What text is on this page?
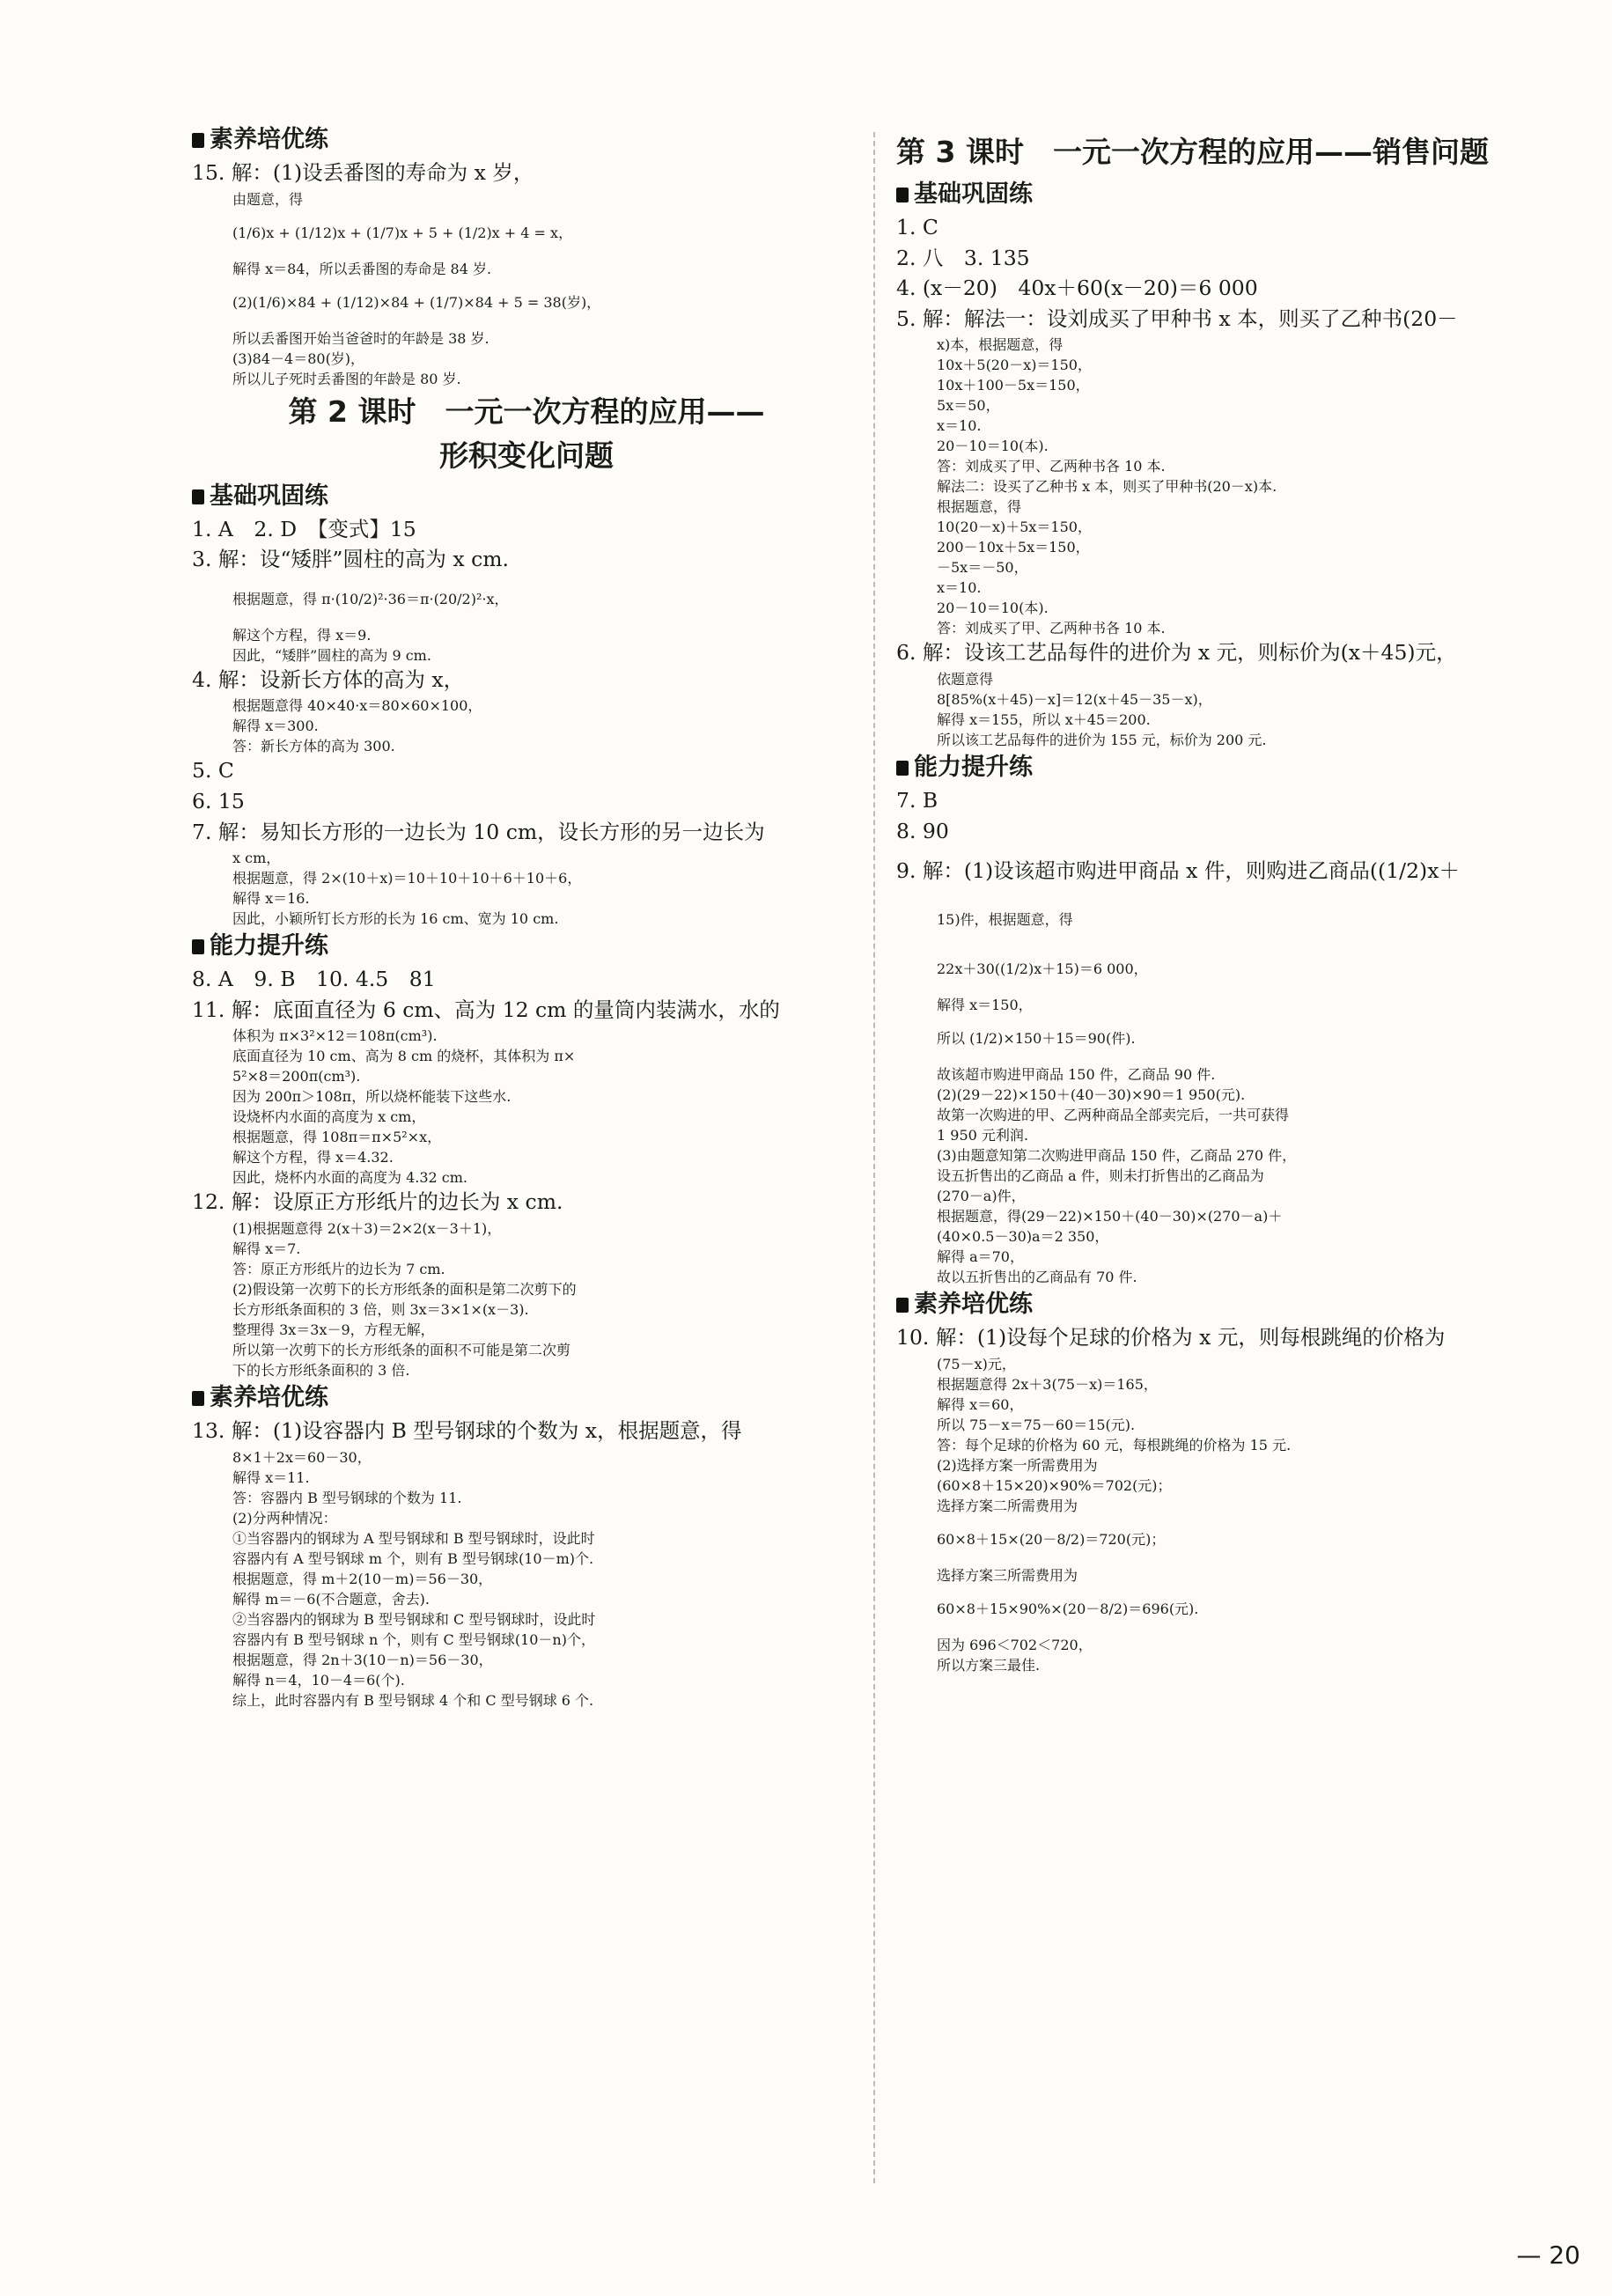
素养培优练
15. 解：(1)设丢番图的寿命为 x 岁，
由题意，得
(1/6)x + (1/12)x + (1/7)x + 5 + (1/2)x + 4 = x，
解得 x＝84，所以丢番图的寿命是 84 岁.
(2)(1/6)×84 + (1/12)×84 + (1/7)×84 + 5 = 38(岁)，
所以丢番图开始当爸爸时的年龄是 38 岁.
(3)84－4＝80(岁)，
所以儿子死时丢番图的年龄是 80 岁.
第 2 课时　一元一次方程的应用——
形积变化问题
基础巩固练
1. A　2. D　【变式】15
3. 解：设“矮胖”圆柱的高为 x cm.
根据题意，得 π·(10/2)²·36＝π·(20/2)²·x，
解这个方程，得 x＝9.
因此，“矮胖”圆柱的高为 9 cm.
4. 解：设新长方体的高为 x，
根据题意得 40×40·x＝80×60×100，
解得 x＝300.
答：新长方体的高为 300.
5. C
6. 15
7. 解：易知长方形的一边长为 10 cm，设长方形的另一边长为
x cm，
根据题意，得 2×(10＋x)＝10＋10＋10＋6＋10＋6，
解得 x＝16.
因此，小颖所钉长方形的长为 16 cm、宽为 10 cm.
能力提升练
8. A　9. B　10. 4.5　81
11. 解：底面直径为 6 cm、高为 12 cm 的量筒内装满水，水的
体积为 π×3²×12＝108π(cm³).
底面直径为 10 cm、高为 8 cm 的烧杯，其体积为 π×
5²×8＝200π(cm³).
因为 200π＞108π，所以烧杯能装下这些水.
设烧杯内水面的高度为 x cm，
根据题意，得 108π＝π×5²×x，
解这个方程，得 x＝4.32.
因此，烧杯内水面的高度为 4.32 cm.
12. 解：设原正方形纸片的边长为 x cm.
(1)根据题意得 2(x＋3)＝2×2(x－3＋1)，
解得 x＝7.
答：原正方形纸片的边长为 7 cm.
(2)假设第一次剪下的长方形纸条的面积是第二次剪下的
长方形纸条面积的 3 倍，则 3x＝3×1×(x－3).
整理得 3x＝3x－9，方程无解，
所以第一次剪下的长方形纸条的面积不可能是第二次剪
下的长方形纸条面积的 3 倍.
素养培优练
13. 解：(1)设容器内 B 型号钢球的个数为 x，根据题意，得
8×1＋2x＝60－30，
解得 x＝11.
答：容器内 B 型号钢球的个数为 11.
(2)分两种情况：
①当容器内的钢球为 A 型号钢球和 B 型号钢球时，设此时
容器内有 A 型号钢球 m 个，则有 B 型号钢球(10－m)个.
根据题意，得 m＋2(10－m)＝56－30，
解得 m＝－6(不合题意，舍去).
②当容器内的钢球为 B 型号钢球和 C 型号钢球时，设此时
容器内有 B 型号钢球 n 个，则有 C 型号钢球(10－n)个，
根据题意，得 2n＋3(10－n)＝56－30，
解得 n＝4，10－4＝6(个).
综上，此时容器内有 B 型号钢球 4 个和 C 型号钢球 6 个.
第 3 课时　一元一次方程的应用——销售问题
基础巩固练
1. C
2. 八　3. 135
4. (x－20)　40x＋60(x－20)＝6 000
5. 解：解法一：设刘成买了甲种书 x 本，则买了乙种书(20－
x)本，根据题意，得
10x＋5(20－x)＝150，
10x＋100－5x＝150，
5x＝50，
x＝10.
20－10＝10(本).
答：刘成买了甲、乙两种书各 10 本.
解法二：设买了乙种书 x 本，则买了甲种书(20－x)本.
根据题意，得
10(20－x)＋5x＝150，
200－10x＋5x＝150，
－5x＝－50，
x＝10.
20－10＝10(本).
答：刘成买了甲、乙两种书各 10 本.
6. 解：设该工艺品每件的进价为 x 元，则标价为(x＋45)元，
依题意得
8[85%(x＋45)－x]＝12(x＋45－35－x)，
解得 x＝155，所以 x＋45＝200.
所以该工艺品每件的进价为 155 元，标价为 200 元.
能力提升练
7. B
8. 90
9. 解：(1)设该超市购进甲商品 x 件，则购进乙商品((1/2)x＋
15)件，根据题意，得
22x＋30((1/2)x＋15)＝6 000，
解得 x＝150，
所以 (1/2)×150＋15＝90(件).
故该超市购进甲商品 150 件，乙商品 90 件.
(2)(29－22)×150＋(40－30)×90＝1 950(元).
故第一次购进的甲、乙两种商品全部卖完后，一共可获得
1 950 元利润.
(3)由题意知第二次购进甲商品 150 件，乙商品 270 件，
设五折售出的乙商品 a 件，则未打折售出的乙商品为
(270－a)件，
根据题意，得(29－22)×150＋(40－30)×(270－a)＋
(40×0.5－30)a＝2 350，
解得 a＝70，
故以五折售出的乙商品有 70 件.
素养培优练
10. 解：(1)设每个足球的价格为 x 元，则每根跳绳的价格为
(75－x)元，
根据题意得 2x＋3(75－x)＝165，
解得 x＝60，
所以 75－x＝75－60＝15(元).
答：每个足球的价格为 60 元，每根跳绳的价格为 15 元.
(2)选择方案一所需费用为
(60×8＋15×20)×90%＝702(元)；
选择方案二所需费用为
60×8＋15×(20－8/2)＝720(元)；
选择方案三所需费用为
60×8＋15×90%×(20－8/2)＝696(元).
因为 696＜702＜720，
所以方案三最佳.
— 20
